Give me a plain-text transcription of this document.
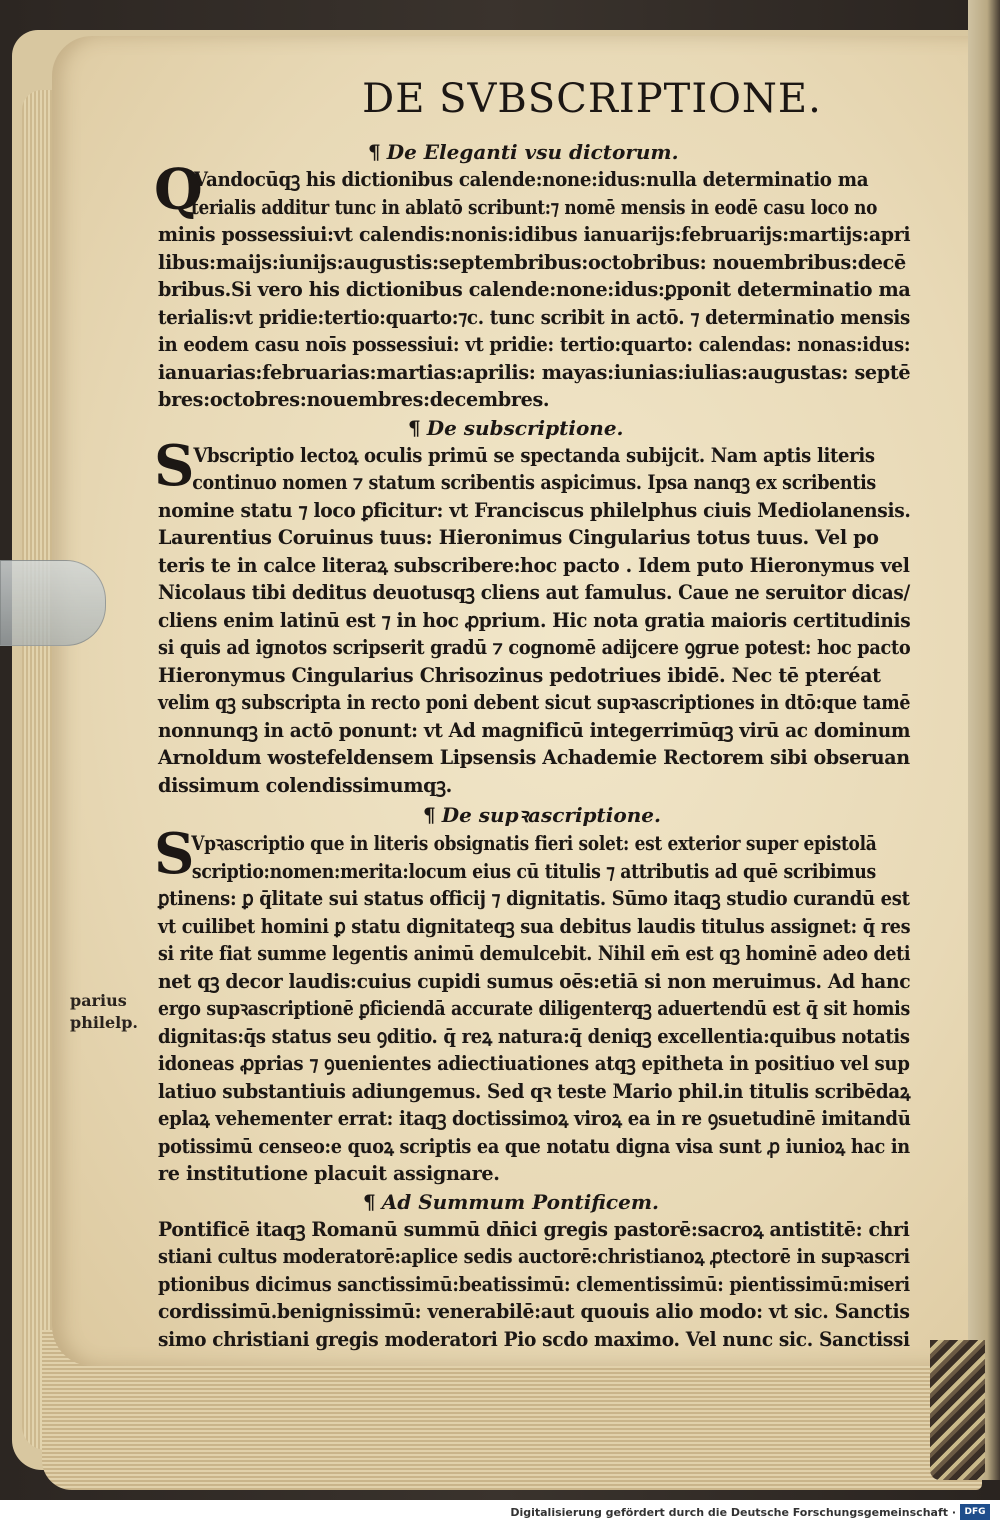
parius
philelp.
DE SVBSCRIPTIONE.
¶ De Eleganti vsu dictorum.
Q
Vandocūqꝫ his dictionibus calende:none:idus:nulla determinatio ma
terialis additur tunc in ablatō scribunt:⁊ nomē mensis in eodē casu loco no
minis possessiui:vt calendis:nonis:idibus ianuarijs:februarijs:martijs:apri
libus:maijs:iunijs:augustis:septembribus:octobribus: nouembribus:decē
bribus.Si vero his dictionibus calende:none:idus:ꝑponit determinatio ma
terialis:vt pridie:tertio:quarto:⁊c. tunc scribit in actō. ⁊ determinatio mensis
in eodem casu noīs possessiui: vt pridie: tertio:quarto: calendas: nonas:idus:
ianuarias:februarias:martias:aprilis: mayas:iunias:iulias:augustas: septē
bres:octobres:nouembres:decembres.
¶ De subscriptione.
S
Vbscriptio lectoꝝ oculis primū se spectanda subijcit. Nam aptis literis
continuo nomen ⁊ statum scribentis aspicimus. Ipsa nanqꝫ ex scribentis
nomine statu ⁊ loco ꝑficitur: vt Franciscus philelphus ciuis Mediolanensis.
Laurentius Coruinus tuus: Hieronimus Cingularius totus tuus. Vel po
teris te in calce literaꝝ subscribere:hoc pacto . Idem puto Hieronymus vel
Nicolaus tibi deditus deuotusqꝫ cliens aut famulus. Caue ne seruitor dicas/
cliens enim latinū est ⁊ in hoc ꝓprium. Hic nota gratia maioris certitudinis
si quis ad ignotos scripserit gradū ⁊ cognomē adijcere ꝯgrue potest: hoc pacto
Hieronymus Cingularius Chrisozinus pedotriues ibidē. Nec tē pteréat
velim qꝫ subscripta in recto poni debent sicut supꝛascriptiones in dtō:que tamē
nonnunqꝫ in actō ponunt: vt Ad magnificū integerrimūqꝫ virū ac dominum
Arnoldum wostefeldensem Lipsensis Achademie Rectorem sibi obseruan
dissimum colendissimumqꝫ.
¶ De supꝛascriptione.
S
Vpꝛascriptio que in literis obsignatis fieri solet: est exterior super epistolā
scriptio:nomen:merita:locum eius cū titulis ⁊ attributis ad quē scribimus
ꝑtinens: ꝑ q̄litate sui status officij ⁊ dignitatis. Sūmo itaqꝫ studio curandū est
vt cuilibet homini ꝑ statu dignitateqꝫ sua debitus laudis titulus assignet: q̄ res
si rite fiat summe legentis animū demulcebit. Nihil em̄ est qꝫ hominē adeo deti
net qꝫ decor laudis:cuius cupidi sumus oēs:etiā si non meruimus. Ad hanc
ergo supꝛascriptionē ꝑficiendā accurate diligenterqꝫ aduertendū est q̄ sit homis
dignitas:q̄s status seu ꝯditio. q̄ reꝝ natura:q̄ deniqꝫ excellentia:quibus notatis
idoneas ꝓprias ⁊ ꝯuenientes adiectiuationes atqꝫ epitheta in positiuo vel sup
latiuo substantiuis adiungemus. Sed qꝛ teste Mario phil.in titulis scribēdaꝝ
eplaꝝ vehementer errat: itaqꝫ doctissimoꝝ viroꝝ ea in re ꝯsuetudinē imitandū
potissimū censeo:e quoꝝ scriptis ea que notatu digna visa sunt ꝓ iunioꝝ hac in
re institutione placuit assignare.
¶ Ad Summum Pontificem.
Pontificē itaqꝫ Romanū summū dn̄ici gregis pastorē:sacroꝝ antistitē: chri
stiani cultus moderatorē:aplice sedis auctorē:christianoꝝ ꝓtectorē in supꝛascri
ptionibus dicimus sanctissimū:beatissimū: clementissimū: pientissimū:miseri
cordissimū.benignissimū: venerabilē:aut quouis alio modo: vt sic. Sanctis
simo christiani gregis moderatori Pio scdo maximo. Vel nunc sic. Sanctissi
Digitalisierung gefördert durch die Deutsche Forschungsgemeinschaft · DFG
